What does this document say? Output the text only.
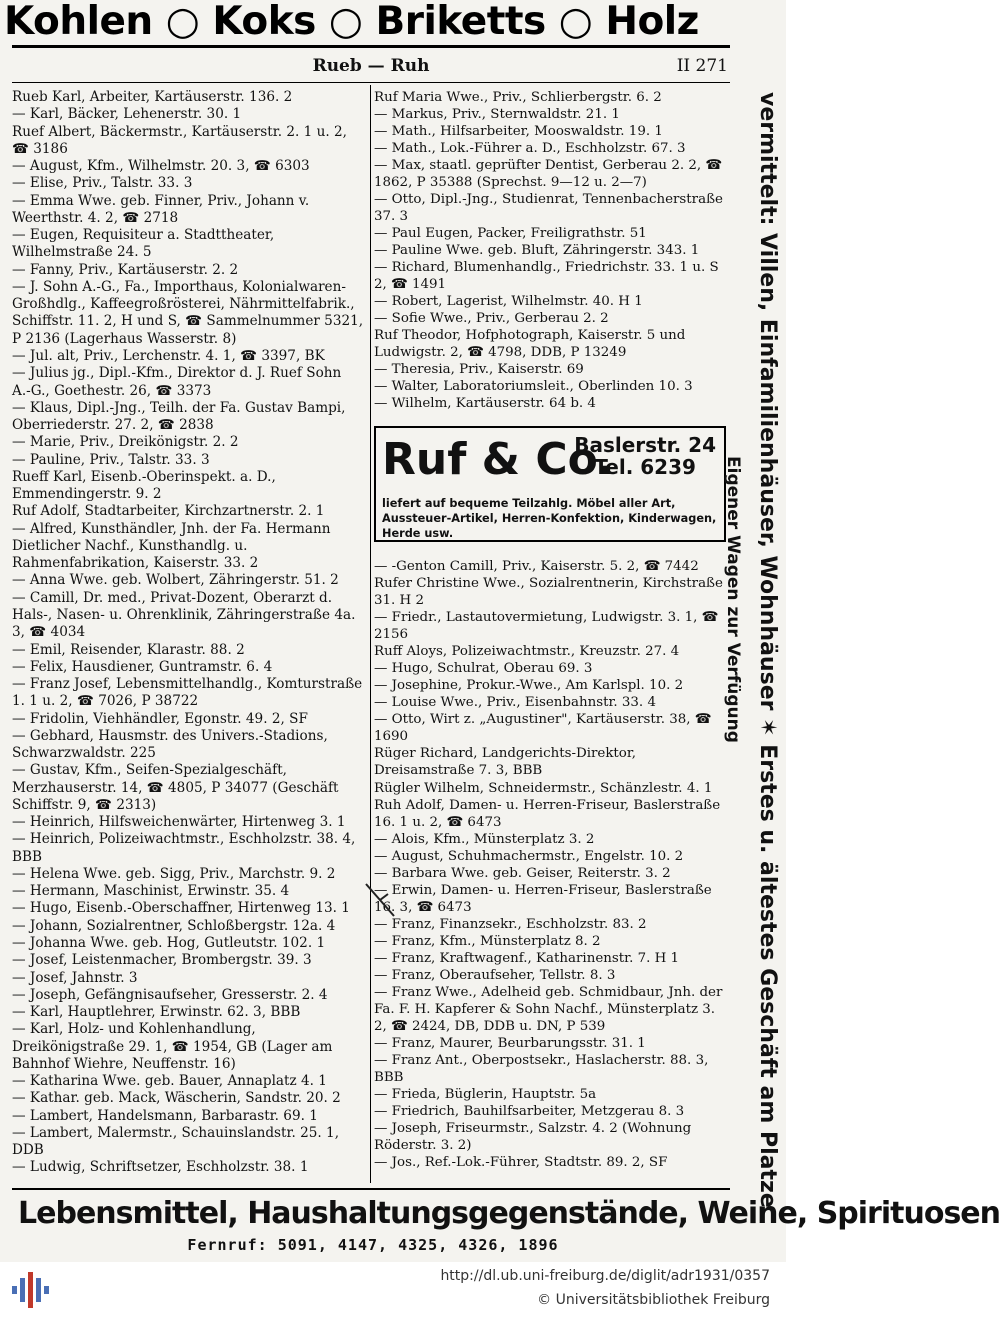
Kohlen ○ Koks ○ Briketts ○ Holz
Rueb — Ruh	II 271

Rueb Karl, Arbeiter, Kartäuserstr. 136. 2

— Karl, Bäcker, Lehenerstr. 30. 1

Ruef Albert, Bäckermstr., Kartäuserstr. 2. 1 u. 2, ☎ 3186

— August, Kfm., Wilhelmstr. 20. 3, ☎ 6303

— Elise, Priv., Talstr. 33. 3

— Emma Wwe. geb. Finner, Priv., Johann v. Weerthstr. 4. 2, ☎ 2718

— Eugen, Requisiteur a. Stadttheater, Wilhelmstraße 24. 5

— Fanny, Priv., Kartäuserstr. 2. 2

— J. Sohn A.-G., Fa., Importhaus, Kolonialwaren-Großhdlg., Kaffeegroßrösterei, Nährmittelfabrik., Schiffstr. 11. 2, H und S, ☎ Sammelnummer 5321, P 2136 (Lagerhaus Wasserstr. 8)

— Jul. alt, Priv., Lerchenstr. 4. 1, ☎ 3397, BK

— Julius jg., Dipl.-Kfm., Direktor d. J. Ruef Sohn A.-G., Goethestr. 26, ☎ 3373

— Klaus, Dipl.-Jng., Teilh. der Fa. Gustav Bampi, Oberriederstr. 27. 2, ☎ 2838

— Marie, Priv., Dreikönigstr. 2. 2

— Pauline, Priv., Talstr. 33. 3

Rueff Karl, Eisenb.-Oberinspekt. a. D., Emmendingerstr. 9. 2

Ruf Adolf, Stadtarbeiter, Kirchzartnerstr. 2. 1

— Alfred, Kunsthändler, Jnh. der Fa. Hermann Dietlicher Nachf., Kunsthandlg. u. Rahmenfabrikation, Kaiserstr. 33. 2

— Anna Wwe. geb. Wolbert, Zähringerstr. 51. 2

— Camill, Dr. med., Privat-Dozent, Oberarzt d. Hals-, Nasen- u. Ohrenklinik, Zähringerstraße 4a. 3, ☎ 4034

— Emil, Reisender, Klarastr. 88. 2

— Felix, Hausdiener, Guntramstr. 6. 4

— Franz Josef, Lebensmittelhandlg., Komturstraße 1. 1 u. 2, ☎ 7026, P 38722

— Fridolin, Viehhändler, Egonstr. 49. 2, SF

— Gebhard, Hausmstr. des Univers.-Stadions, Schwarzwaldstr. 225

— Gustav, Kfm., Seifen-Spezialgeschäft, Merzhauserstr. 14, ☎ 4805, P 34077 (Geschäft Schiffstr. 9, ☎ 2313)

— Heinrich, Hilfsweichenwärter, Hirtenweg 3. 1

— Heinrich, Polizeiwachtmstr., Eschholzstr. 38. 4, BBB

— Helena Wwe. geb. Sigg, Priv., Marchstr. 9. 2

— Hermann, Maschinist, Erwinstr. 35. 4

— Hugo, Eisenb.-Oberschaffner, Hirtenweg 13. 1

— Johann, Sozialrentner, Schloßbergstr. 12a. 4

— Johanna Wwe. geb. Hog, Gutleutstr. 102. 1

— Josef, Leistenmacher, Brombergstr. 39. 3

— Josef, Jahnstr. 3

— Joseph, Gefängnisaufseher, Gresserstr. 2. 4

— Karl, Hauptlehrer, Erwinstr. 62. 3, BBB

— Karl, Holz- und Kohlenhandlung, Dreikönigstraße 29. 1, ☎ 1954, GB (Lager am Bahnhof Wiehre, Neuffenstr. 16)

— Katharina Wwe. geb. Bauer, Annaplatz 4. 1

— Kathar. geb. Mack, Wäscherin, Sandstr. 20. 2

— Lambert, Handelsmann, Barbarastr. 69. 1

— Lambert, Malermstr., Schauinslandstr. 25. 1, DDB

— Ludwig, Schriftsetzer, Eschholzstr. 38. 1

Ruf Maria Wwe., Priv., Schlierbergstr. 6. 2

— Markus, Priv., Sternwaldstr. 21. 1

— Math., Hilfsarbeiter, Mooswaldstr. 19. 1

— Math., Lok.-Führer a. D., Eschholzstr. 67. 3

— Max, staatl. geprüfter Dentist, Gerberau 2. 2, ☎ 1862, P 35388 (Sprechst. 9—12 u. 2—7)

— Otto, Dipl.-Jng., Studienrat, Tennenbacherstraße 37. 3

— Paul Eugen, Packer, Freiligrathstr. 51

— Pauline Wwe. geb. Bluft, Zähringerstr. 343. 1

— Richard, Blumenhandlg., Friedrichstr. 33. 1 u. S 2, ☎ 1491

— Robert, Lagerist, Wilhelmstr. 40. H 1

— Sofie Wwe., Priv., Gerberau 2. 2

Ruf Theodor, Hofphotograph, Kaiserstr. 5 und Ludwigstr. 2, ☎ 4798, DDB, P 13249

— Theresia, Priv., Kaiserstr. 69

— Walter, Laboratoriumsleit., Oberlinden 10. 3

— Wilhelm, Kartäuserstr. 64 b. 4

Ruf & Co.
Baslerstr. 24
Tel. 6239
liefert auf bequeme Teilzahlg. Möbel aller Art, Aussteuer-Artikel, Herren-Konfektion, Kinderwagen, Herde usw.

— -Genton Camill, Priv., Kaiserstr. 5. 2, ☎ 7442

Rufer Christine Wwe., Sozialrentnerin, Kirchstraße 31. H 2

— Friedr., Lastautovermietung, Ludwigstr. 3. 1, ☎ 2156

Ruff Aloys, Polizeiwachtmstr., Kreuzstr. 27. 4

— Hugo, Schulrat, Oberau 69. 3

— Josephine, Prokur.-Wwe., Am Karlspl. 10. 2

— Louise Wwe., Priv., Eisenbahnstr. 33. 4

— Otto, Wirt z. „Augustiner", Kartäuserstr. 38, ☎ 1690

Rüger Richard, Landgerichts-Direktor, Dreisamstraße 7. 3, BBB

Rügler Wilhelm, Schneidermstr., Schänzlestr. 4. 1

Ruh Adolf, Damen- u. Herren-Friseur, Baslerstraße 16. 1 u. 2, ☎ 6473

— Alois, Kfm., Münsterplatz 3. 2

— August, Schuhmachermstr., Engelstr. 10. 2

— Barbara Wwe. geb. Geiser, Reiterstr. 3. 2

— Erwin, Damen- u. Herren-Friseur, Baslerstraße 16. 3, ☎ 6473

— Franz, Finanzsekr., Eschholzstr. 83. 2

— Franz, Kfm., Münsterplatz 8. 2

— Franz, Kraftwagenf., Katharinenstr. 7. H 1

— Franz, Oberaufseher, Tellstr. 8. 3

— Franz Wwe., Adelheid geb. Schmidbaur, Jnh. der Fa. F. H. Kapferer & Sohn Nachf., Münsterplatz 3. 2, ☎ 2424, DB, DDB u. DN, P 539

— Franz, Maurer, Beurbarungsstr. 31. 1

— Franz Ant., Oberpostsekr., Haslacherstr. 88. 3, BBB

— Frieda, Büglerin, Hauptstr. 5a

— Friedrich, Bauhilfsarbeiter, Metzgerau 8. 3

— Joseph, Friseurmstr., Salzstr. 4. 2 (Wohnung Röderstr. 3. 2)

— Jos., Ref.-Lok.-Führer, Stadtstr. 89. 2, SF	vermittelt: Villen, Einfamilienhäuser, Wohnhäuser ✶ Erstes u. ältestes Geschäft am Platze
Eigener Wagen zur Verfügung
Lebensmittel, Haushaltungsgegenstände, Weine, Spirituosen
Fernruf: 5091, 4147, 4325, 4326, 1896
http://dl.ub.uni-freiburg.de/diglit/adr1931/0357
© Universitätsbibliothek Freiburg
